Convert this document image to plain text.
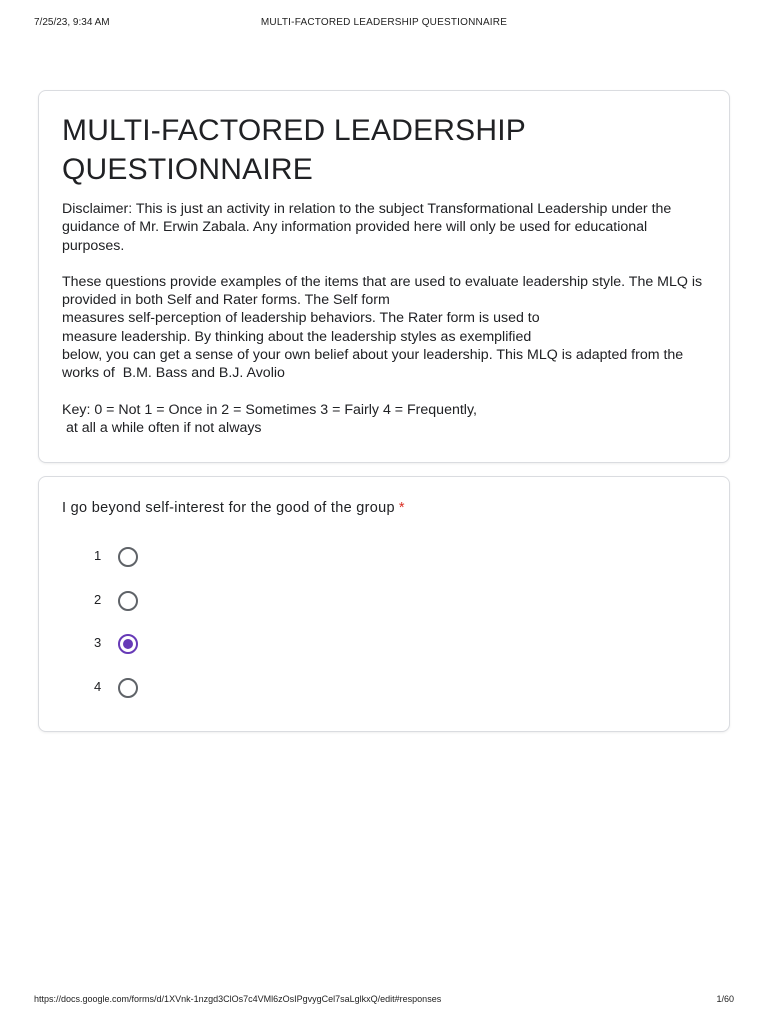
7/25/23, 9:34 AM	MULTI-FACTORED LEADERSHIP QUESTIONNAIRE
MULTI-FACTORED LEADERSHIP QUESTIONNAIRE

Disclaimer: This is just an activity in relation to the subject Transformational Leadership under the guidance of Mr. Erwin Zabala. Any information provided here will only be used for educational purposes.

These questions provide examples of the items that are used to evaluate leadership style. The MLQ is provided in both Self and Rater forms. The Self form

measures self-perception of leadership behaviors. The Rater form is used to

measure leadership. By thinking about the leadership styles as exemplified

below, you can get a sense of your own belief about your leadership. This MLQ is adapted from the works of  B.M. Bass and B.J. Avolio

Key: 0 = Not 1 = Once in 2 = Sometimes 3 = Fairly 4 = Frequently,

at all a while often if not always

I go beyond self-interest for the good of the group *
1
2
3
4
https://docs.google.com/forms/d/1XVnk-1nzgd3ClOs7c4VMl6zOsIPgvygCel7saLglkxQ/edit#responses	1/60
